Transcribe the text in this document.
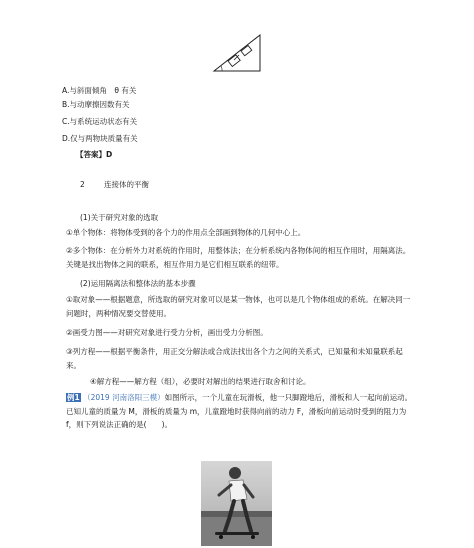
A.与斜面倾角　θ 有关
B.与动摩擦因数有关
C.与系统运动状态有关
D.仅与两物块质量有关
【答案】D
2	连接体的平衡
(1)关于研究对象的选取
①单个物体：将物体受到的各个力的作用点全部画到物体的几何中心上。
②多个物体：在分析外力对系统的作用时，用整体法；在分析系统内各物体间的相互作用时，用隔离法。关键是找出物体之间的联系，相互作用力是它们相互联系的纽带。
(2)运用隔离法和整体法的基本步骤
①取对象——根据题意，所选取的研究对象可以是某一物体，也可以是几个物体组成的系统。在解决同一问题时，两种情况要交替使用。
②画受力图——对研究对象进行受力分析，画出受力分析图。
③列方程——根据平衡条件，用正交分解法或合成法找出各个力之间的关系式，已知量和未知量联系起来。
④解方程——解方程（组），必要时对解出的结果进行取舍和讨论。
例1 （2019 河南洛阳三模）如图所示，一个儿童在玩滑板，他一只脚蹬地后，滑板和人一起向前运动。已知儿童的质量为 M，滑板的质量为 m，儿童蹬地时获得向前的动力 F，滑板向前运动时受到的阻力为 f，则下列说法正确的是(　　)。
